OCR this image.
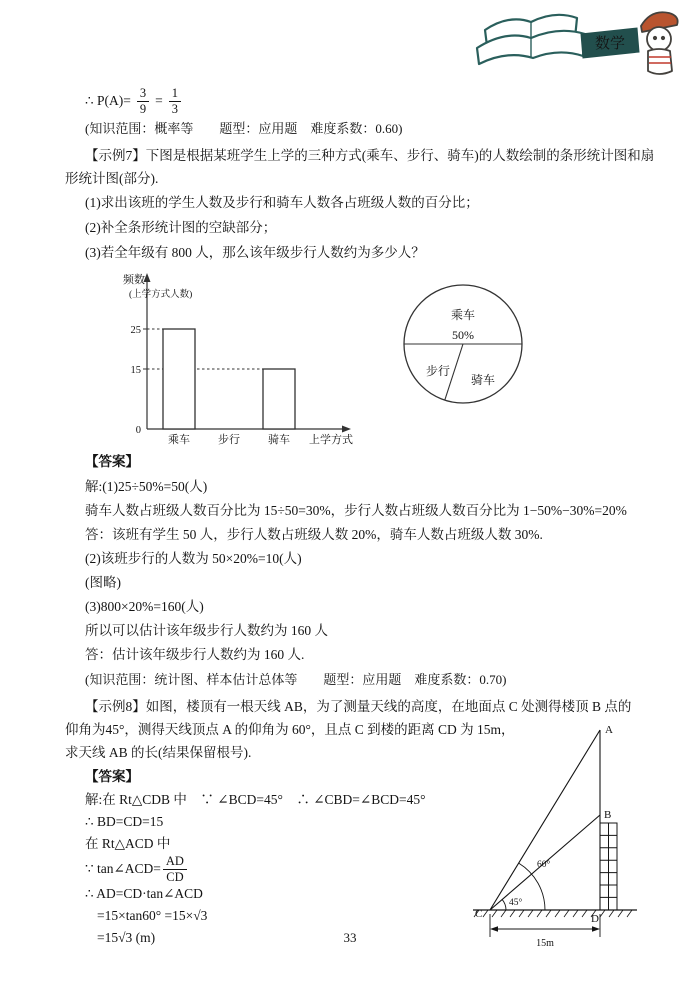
数学
∴ $P(A)= \frac{3}{9} = \frac{1}{3}$
(知识范围：概率等　　题型：应用题　难度系数：0.60)

【示例7】下图是根据某班学生上学的三种方式(乘车、步行、骑车)的人数绘制的条形统计图和扇形统计图(部分).

(1)求出该班的学生人数及步行和骑车人数各占班级人数的百分比；
(2)补全条形统计图的空缺部分；
(3)若全年级有 800 人，那么该年级步行人数约为多少人？
频数
(上学方式人数)
25
15
0
乘车	步行	骑车 上学方式
乘车
50%
步行
骑车
【答案】
解:(1)25÷50%=50(人)
骑车人数占班级人数百分比为 15÷50=30%，步行人数占班级人数百分比为 1−50%−30%=20%
答：该班有学生 50 人，步行人数占班级人数 20%，骑车人数占班级人数 30%.
(2)该班步行的人数为 50×20%=10(人)
(图略)
(3)800×20%=160(人)
所以可以估计该年级步行人数约为 160 人
答：估计该年级步行人数约为 160 人.
(知识范围：统计图、样本估计总体等　　题型：应用题　难度系数：0.70)
【示例8】如图，楼顶有一根天线 AB，为了测量天线的高度，在地面点 C 处测得楼顶 B 点的
仰角为45°，测得天线顶点 A 的仰角为 60°，且点 C 到楼的距离 CD 为 15m，
求天线 AB 的长(结果保留根号).
【答案】
解:在 Rt△CDB 中　∵ ∠BCD=45°　∴ ∠CBD=∠BCD=45°
∴ BD=CD=15
在 Rt△ACD 中
∵ tan∠ACD= $\frac{AD}{CD}$
∴ AD=CD·tan∠ACD
=15×tan60° =15×√3
=15√3 (m)
A
B
C	D
45°
60°
15m
33
